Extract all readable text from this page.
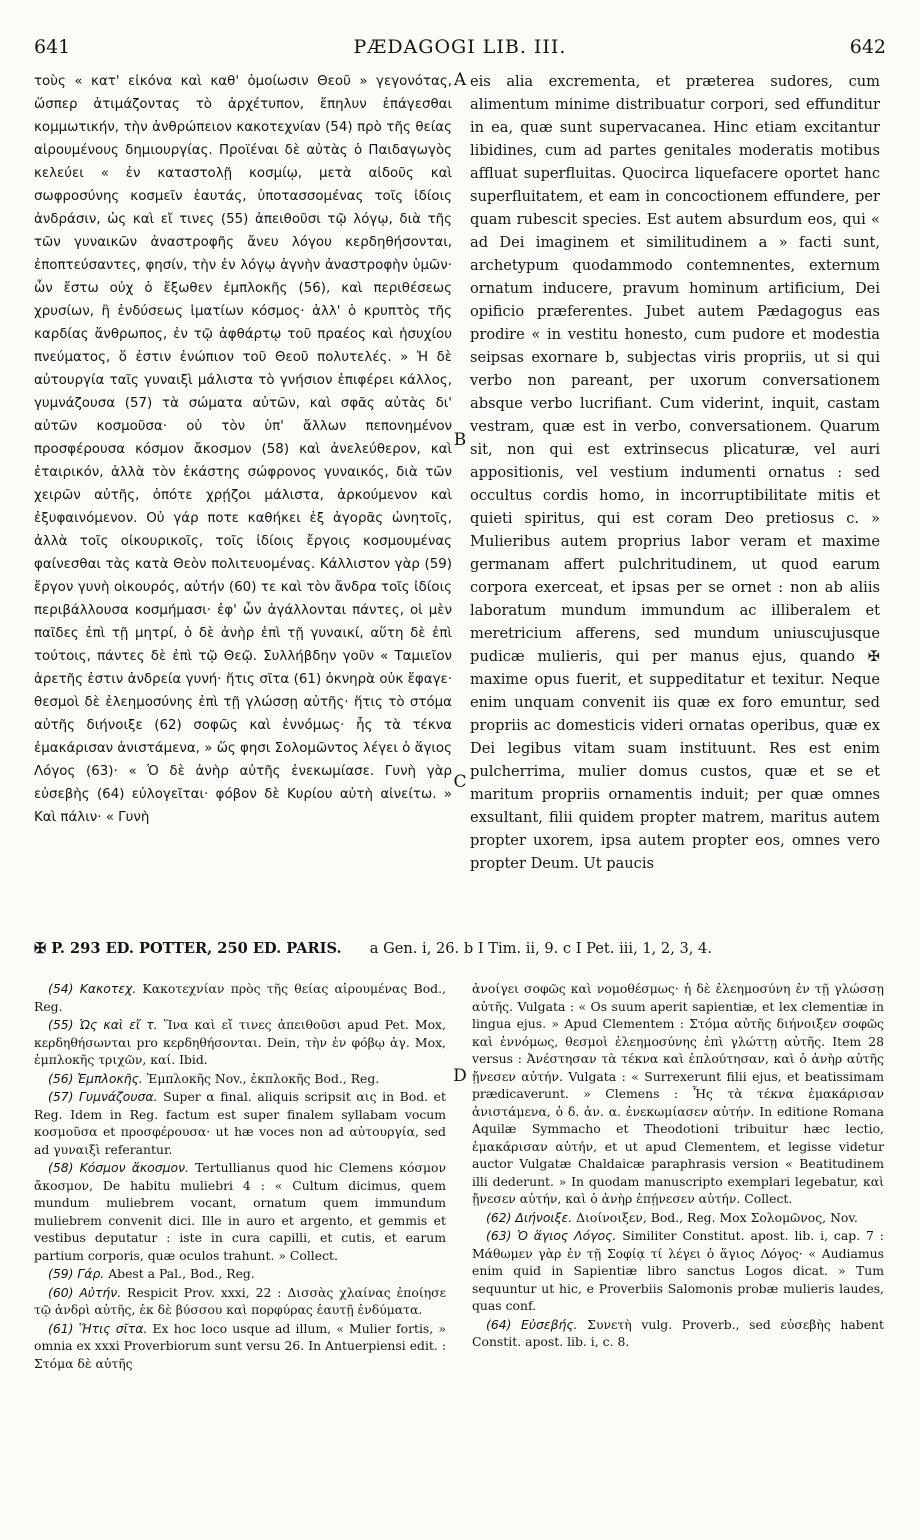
641	PÆDAGOGI LIB. III.	642
τοὺς « κατ' εἰκόνα καὶ καθ' ὁμοίωσιν Θεοῦ » γεγονότας, ὥσπερ ἀτιμάζοντας τὸ ἀρχέτυπον, ἔπηλυν ἐπάγεσθαι κομμωτικήν, τὴν ἀνθρώπειον κακοτεχνίαν (54) πρὸ τῆς θείας αἱρουμένους δημιουργίας. Προϊέναι δὲ αὐτὰς ὁ Παιδαγωγὸς κελεύει « ἐν καταστολῇ κοσμίῳ, μετὰ αἰδοῦς καὶ σωφροσύνης κοσμεῖν ἑαυτάς, ὑποτασσομένας τοῖς ἰδίοις ἀνδράσιν, ὡς καὶ εἴ τινες (55) ἀπειθοῦσι τῷ λόγῳ, διὰ τῆς τῶν γυναικῶν ἀναστροφῆς ἄνευ λόγου κερδηθήσονται, ἐποπτεύσαντες, φησίν, τὴν ἐν λόγῳ ἁγνὴν ἀναστροφὴν ὑμῶν· ὧν ἔστω οὐχ ὁ ἔξωθεν ἐμπλοκῆς (56), καὶ περιθέσεως χρυσίων, ἢ ἐνδύσεως ἱματίων κόσμος· ἀλλ' ὁ κρυπτὸς τῆς καρδίας ἄνθρωπος, ἐν τῷ ἀφθάρτῳ τοῦ πραέος καὶ ἡσυχίου πνεύματος, ὅ ἐστιν ἐνώπιον τοῦ Θεοῦ πολυτελές. » Ἡ δὲ αὐτουργία ταῖς γυναιξὶ μάλιστα τὸ γνήσιον ἐπιφέρει κάλλος, γυμνάζουσα (57) τὰ σώματα αὐτῶν, καὶ σφᾶς αὐτὰς δι' αὐτῶν κοσμοῦσα· οὐ τὸν ὑπ' ἄλλων πεπονημένον προσφέρουσα κόσμον ἄκοσμον (58) καὶ ἀνελεύθερον, καὶ ἑταιρικόν, ἀλλὰ τὸν ἑκάστης σώφρονος γυναικός, διὰ τῶν χειρῶν αὐτῆς, ὁπότε χρῄζοι μάλιστα, ἀρκούμενον καὶ ἐξυφαινόμενον. Οὐ γάρ ποτε καθήκει ἐξ ἀγορᾶς ὠνητοῖς, ἀλλὰ τοῖς οἰκουρικοῖς, τοῖς ἰδίοις ἔργοις κοσμουμένας φαίνεσθαι τὰς κατὰ Θεὸν πολιτευομένας. Κάλλιστον γὰρ (59) ἔργον γυνὴ οἰκουρός, αὐτήν (60) τε καὶ τὸν ἄνδρα τοῖς ἰδίοις περιβάλλουσα κοσμήμασι· ἐφ' ὧν ἀγάλλονται πάντες, οἱ μὲν παῖδες ἐπὶ τῇ μητρί, ὁ δὲ ἀνὴρ ἐπὶ τῇ γυναικί, αὕτη δὲ ἐπὶ τούτοις, πάντες δὲ ἐπὶ τῷ Θεῷ. Συλλήβδην γοῦν « Ταμιεῖον ἀρετῆς ἐστιν ἀνδρεία γυνή· ἥτις σῖτα (61) ὀκνηρὰ οὐκ ἔφαγε· θεσμοὶ δὲ ἐλεημοσύνης ἐπὶ τῇ γλώσσῃ αὐτῆς· ἥτις τὸ στόμα αὐτῆς διήνοιξε (62) σοφῶς καὶ ἐννόμως· ἧς τὰ τέκνα ἐμακάρισαν ἀνιστάμενα, » ὥς φησι Σολομῶντος λέγει ὁ ἅγιος Λόγος (63)· « Ὁ δὲ ἀνὴρ αὐτῆς ἐνεκωμίασε. Γυνὴ γὰρ εὐσεβὴς (64) εὐλογεῖται· φόβον δὲ Κυρίου αὐτὴ αἰνείτω. » Καὶ πάλιν· « Γυνὴ
A
B
C
D
eis alia excrementa, et præterea sudores, cum alimentum minime distribuatur corpori, sed effunditur in ea, quæ sunt supervacanea. Hinc etiam excitantur libidines, cum ad partes genitales moderatis motibus affluat superfluitas. Quocirca liquefacere oportet hanc superfluitatem, et eam in concoctionem effundere, per quam rubescit species. Est autem absurdum eos, qui « ad Dei imaginem et similitudinem a » facti sunt, archetypum quodammodo contemnentes, externum ornatum inducere, pravum hominum artificium, Dei opificio præferentes. Jubet autem Pædagogus eas prodire « in vestitu honesto, cum pudore et modestia seipsas exornare b, subjectas viris propriis, ut si qui verbo non pareant, per uxorum conversationem absque verbo lucrifiant. Cum viderint, inquit, castam vestram, quæ est in verbo, conversationem. Quarum sit, non qui est extrinsecus plicaturæ, vel auri appositionis, vel vestium indumenti ornatus : sed occultus cordis homo, in incorruptibilitate mitis et quieti spiritus, qui est coram Deo pretiosus c. » Mulieribus autem proprius labor veram et maxime germanam affert pulchritudinem, ut quod earum corpora exerceat, et ipsas per se ornet : non ab aliis laboratum mundum immundum ac illiberalem et meretricium afferens, sed mundum uniuscujusque pudicæ mulieris, qui per manus ejus, quando ✠ maxime opus fuerit, et suppeditatur et texitur. Neque enim unquam convenit iis quæ ex foro emuntur, sed propriis ac domesticis videri ornatas operibus, quæ ex Dei legibus vitam suam instituunt. Res est enim pulcherrima, mulier domus custos, quæ et se et maritum propriis ornamentis induit; per quæ omnes exsultant, filii quidem propter matrem, maritus autem propter uxorem, ipsa autem propter eos, omnes vero propter Deum. Ut paucis
✠ P. 293 ED. POTTER, 250 ED. PARIS. a Gen. i, 26. b I Tim. ii, 9. c I Pet. iii, 1, 2, 3, 4.

(54) Κακοτεχ. Κακοτεχνίαν πρὸς τῆς θείας αἱρουμένας Bod., Reg.

(55) Ὡς καὶ εἴ τ. Ἵνα καὶ εἴ τινες ἀπειθοῦσι apud Pet. Mox, κερδηθήσωνται pro κερδηθήσονται. Dein, τὴν ἐν φόβῳ ἁγ. Mox, ἐμπλοκῆς τριχῶν, καί. Ibid.

(56) Ἐμπλοκῆς. Ἐμπλοκῆς Nov., ἐκπλοκῆς Bod., Reg.

(57) Γυμνάζουσα. Super α final. aliquis scripsit αις in Bod. et Reg. Idem in Reg. factum est super finalem syllabam vocum κοσμοῦσα et προσφέρουσα· ut hæ voces non ad αὐτουργία, sed ad γυναιξὶ referantur.

(58) Κόσμον ἄκοσμον. Tertullianus quod hic Clemens κόσμον ἄκοσμον, De habitu muliebri 4 : « Cultum dicimus, quem mundum muliebrem vocant, ornatum quem immundum muliebrem convenit dici. Ille in auro et argento, et gemmis et vestibus deputatur : iste in cura capilli, et cutis, et earum partium corporis, quæ oculos trahunt. » Collect.

(59) Γάρ. Abest a Pal., Bod., Reg.

(60) Αὐτήν. Respicit Prov. xxxi, 22 : Δισσὰς χλαίνας ἐποίησε τῷ ἀνδρὶ αὐτῆς, ἐκ δὲ βύσσου καὶ πορφύρας ἑαυτῇ ἐνδύματα.

(61) Ἥτις σῖτα. Ex hoc loco usque ad illum, « Mulier fortis, » omnia ex xxxi Proverbiorum sunt versu 26. In Antuerpiensi edit. : Στόμα δὲ αὐτῆς

ἀνοίγει σοφῶς καὶ νομοθέσμως· ἡ δὲ ἐλεημοσύνη ἐν τῇ γλώσσῃ αὐτῆς. Vulgata : « Os suum aperit sapientiæ, et lex clementiæ in lingua ejus. » Apud Clementem : Στόμα αὐτῆς διήνοιξεν σοφῶς καὶ ἐννόμως, θεσμοὶ ἐλεημοσύνης ἐπὶ γλώττῃ αὐτῆς. Item 28 versus : Ἀνέστησαν τὰ τέκνα καὶ ἐπλούτησαν, καὶ ὁ ἀνὴρ αὐτῆς ᾔνεσεν αὐτήν. Vulgata : « Surrexerunt filii ejus, et beatissimam prædicaverunt. » Clemens : Ἧς τὰ τέκνα ἐμακάρισαν ἀνιστάμενα, ὁ δ. ἀν. α. ἐνεκωμίασεν αὐτήν. In editione Romana Aquilæ Symmacho et Theodotioni tribuitur hæc lectio, ἐμακάρισαν αὐτήν, et ut apud Clementem, et legisse videtur auctor Vulgatæ Chaldaicæ paraphrasis version « Beatitudinem illi dederunt. » In quodam manuscripto exemplari legebatur, καὶ ᾔνεσεν αὐτήν, καὶ ὁ ἀνὴρ ἐπῄνεσεν αὐτήν. Collect.

(62) Διήνοιξε. Διοίνοιξεν, Bod., Reg. Mox Σολομῶνος, Nov.

(63) Ὁ ἅγιος Λόγος. Similiter Constitut. apost. lib. i, cap. 7 : Μάθωμεν γὰρ ἐν τῇ Σοφίᾳ τί λέγει ὁ ἅγιος Λόγος· « Audiamus enim quid in Sapientiæ libro sanctus Logos dicat. » Tum sequuntur ut hic, e Proverbiis Salomonis probæ mulieris laudes, quas conf.

(64) Εὐσεβής. Συνετὴ vulg. Proverb., sed εὐσεβὴς habent Constit. apost. lib. i, c. 8.
